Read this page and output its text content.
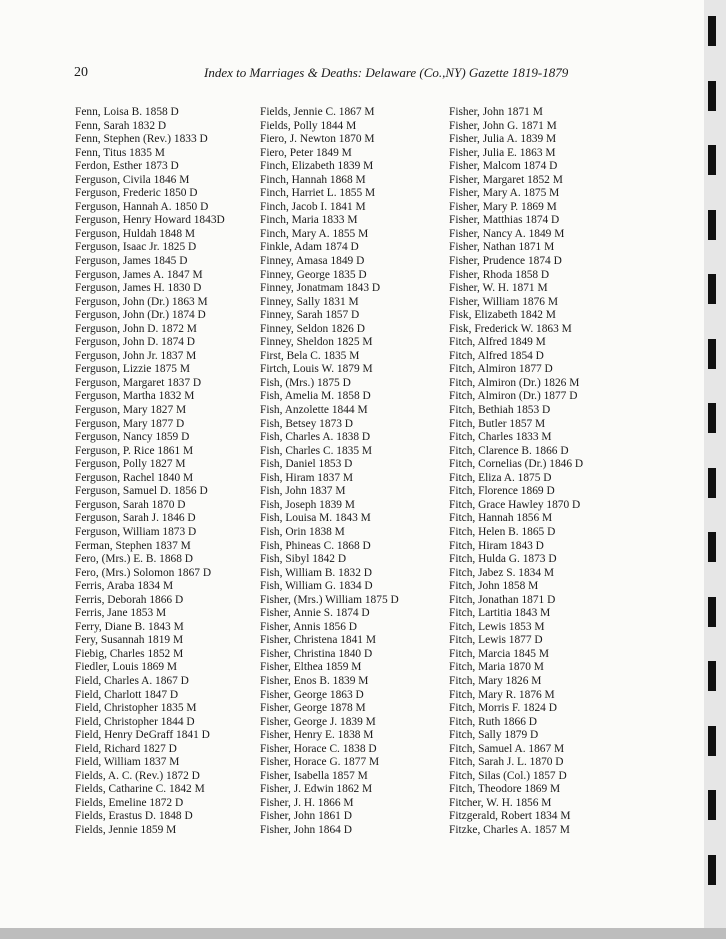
20	Index to Marriages & Deaths: Delaware (Co.,NY) Gazette 1819-1879
Fenn, Loisa B. 1858 D
Fenn, Sarah 1832 D
Fenn, Stephen (Rev.) 1833 D
Fenn, Titus 1835 M
Ferdon, Esther 1873 D
Ferguson, Civila 1846 M
Ferguson, Frederic 1850 D
Ferguson, Hannah A. 1850 D
Ferguson, Henry Howard 1843D
Ferguson, Huldah 1848 M
Ferguson, Isaac Jr. 1825 D
Ferguson, James 1845 D
Ferguson, James A. 1847 M
Ferguson, James H. 1830 D
Ferguson, John (Dr.) 1863 M
Ferguson, John (Dr.) 1874 D
Ferguson, John D. 1872 M
Ferguson, John D. 1874 D
Ferguson, John Jr. 1837 M
Ferguson, Lizzie 1875 M
Ferguson, Margaret 1837 D
Ferguson, Martha 1832 M
Ferguson, Mary 1827 M
Ferguson, Mary 1877 D
Ferguson, Nancy 1859 D
Ferguson, P. Rice 1861 M
Ferguson, Polly 1827 M
Ferguson, Rachel 1840 M
Ferguson, Samuel D. 1856 D
Ferguson, Sarah 1870 D
Ferguson, Sarah J. 1846 D
Ferguson, William 1873 D
Ferman, Stephen 1837 M
Fero, (Mrs.) E. B. 1868 D
Fero, (Mrs.) Solomon 1867 D
Ferris, Araba 1834 M
Ferris, Deborah 1866 D
Ferris, Jane 1853 M
Ferry, Diane B. 1843 M
Fery, Susannah 1819 M
Fiebig, Charles 1852 M
Fiedler, Louis 1869 M
Field, Charles A. 1867 D
Field, Charlott 1847 D
Field, Christopher 1835 M
Field, Christopher 1844 D
Field, Henry DeGraff 1841 D
Field, Richard 1827 D
Field, William 1837 M
Fields, A. C. (Rev.) 1872 D
Fields, Catharine C. 1842 M
Fields, Emeline 1872 D
Fields, Erastus D. 1848 D
Fields, Jennie 1859 M
Fields, Jennie C. 1867 M
Fields, Polly 1844 M
Fiero, J. Newton 1870 M
Fiero, Peter 1849 M
Finch, Elizabeth 1839 M
Finch, Hannah 1868 M
Finch, Harriet L. 1855 M
Finch, Jacob I. 1841 M
Finch, Maria 1833 M
Finch, Mary A. 1855 M
Finkle, Adam 1874 D
Finney, Amasa 1849 D
Finney, George 1835 D
Finney, Jonatmam 1843 D
Finney, Sally 1831 M
Finney, Sarah 1857 D
Finney, Seldon 1826 D
Finney, Sheldon 1825 M
First, Bela C. 1835 M
Firtch, Louis W. 1879 M
Fish, (Mrs.) 1875 D
Fish, Amelia M. 1858 D
Fish, Anzolette 1844 M
Fish, Betsey 1873 D
Fish, Charles A. 1838 D
Fish, Charles C. 1835 M
Fish, Daniel 1853 D
Fish, Hiram 1837 M
Fish, John 1837 M
Fish, Joseph 1839 M
Fish, Louisa M. 1843 M
Fish, Orin 1838 M
Fish, Phineas C. 1868 D
Fish, Sibyl 1842 D
Fish, William B. 1832 D
Fish, William G. 1834 D
Fisher, (Mrs.) William 1875 D
Fisher, Annie S. 1874 D
Fisher, Annis 1856 D
Fisher, Christena 1841 M
Fisher, Christina 1840 D
Fisher, Elthea 1859 M
Fisher, Enos B. 1839 M
Fisher, George 1863 D
Fisher, George 1878 M
Fisher, George J. 1839 M
Fisher, Henry E. 1838 M
Fisher, Horace C. 1838 D
Fisher, Horace G. 1877 M
Fisher, Isabella 1857 M
Fisher, J. Edwin 1862 M
Fisher, J. H. 1866 M
Fisher, John 1861 D
Fisher, John 1864 D
Fisher, John 1871 M
Fisher, John G. 1871 M
Fisher, Julia A. 1839 M
Fisher, Julia E. 1863 M
Fisher, Malcom 1874 D
Fisher, Margaret 1852 M
Fisher, Mary A. 1875 M
Fisher, Mary P. 1869 M
Fisher, Matthias 1874 D
Fisher, Nancy A. 1849 M
Fisher, Nathan 1871 M
Fisher, Prudence 1874 D
Fisher, Rhoda 1858 D
Fisher, W. H. 1871 M
Fisher, William 1876 M
Fisk, Elizabeth 1842 M
Fisk, Frederick W. 1863 M
Fitch, Alfred 1849 M
Fitch, Alfred 1854 D
Fitch, Almiron 1877 D
Fitch, Almiron (Dr.) 1826 M
Fitch, Almiron (Dr.) 1877 D
Fitch, Bethiah 1853 D
Fitch, Butler 1857 M
Fitch, Charles 1833 M
Fitch, Clarence B. 1866 D
Fitch, Cornelias (Dr.) 1846 D
Fitch, Eliza A. 1875 D
Fitch, Florence 1869 D
Fitch, Grace Hawley 1870 D
Fitch, Hannah 1856 M
Fitch, Helen B. 1865 D
Fitch, Hiram 1843 D
Fitch, Hulda G. 1873 D
Fitch, Jabez S. 1834 M
Fitch, John 1858 M
Fitch, Jonathan 1871 D
Fitch, Lartitia 1843 M
Fitch, Lewis 1853 M
Fitch, Lewis 1877 D
Fitch, Marcia 1845 M
Fitch, Maria 1870 M
Fitch, Mary 1826 M
Fitch, Mary R. 1876 M
Fitch, Morris F. 1824 D
Fitch, Ruth 1866 D
Fitch, Sally 1879 D
Fitch, Samuel A. 1867 M
Fitch, Sarah J. L. 1870 D
Fitch, Silas (Col.) 1857 D
Fitch, Theodore 1869 M
Fitcher, W. H. 1856 M
Fitzgerald, Robert 1834 M
Fitzke, Charles A. 1857 M
